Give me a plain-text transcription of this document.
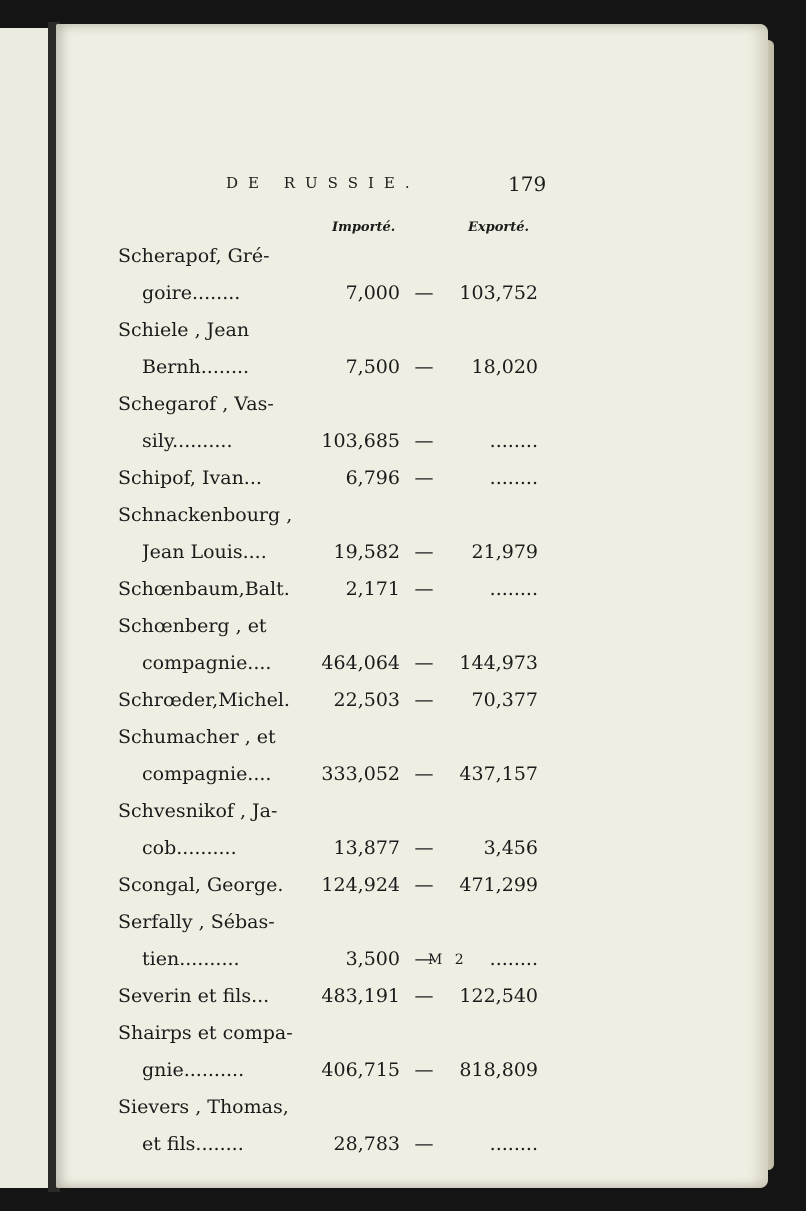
DE RUSSIE.	179
Importé.	Exporté.
Scherapof, Gré-
goire........	7,000 —	103,752
Schiele , Jean
Bernh........	7,500 —	18,020
Schegarof , Vas-
sily..........	103,685 —	........
Schipof, Ivan...	6,796 —	........
Schnackenbourg ,
Jean Louis....	19,582 —	21,979
Schœnbaum,Balt.	2,171 —	........
Schœnberg , et
compagnie....	464,064 —	144,973
Schrœder,Michel.	22,503 —	70,377
Schumacher , et
compagnie....	333,052 —	437,157
Schvesnikof , Ja-
cob..........	13,877 —	3,456
Scongal, George.	124,924 —	471,299
Serfally , Sébas-
tien..........	3,500 —	........
Severin et fils...	483,191 —	122,540
Shairps et compa-
gnie..........	406,715 —	818,809
Sievers , Thomas,
et fils........	28,783 —	........
M 2
